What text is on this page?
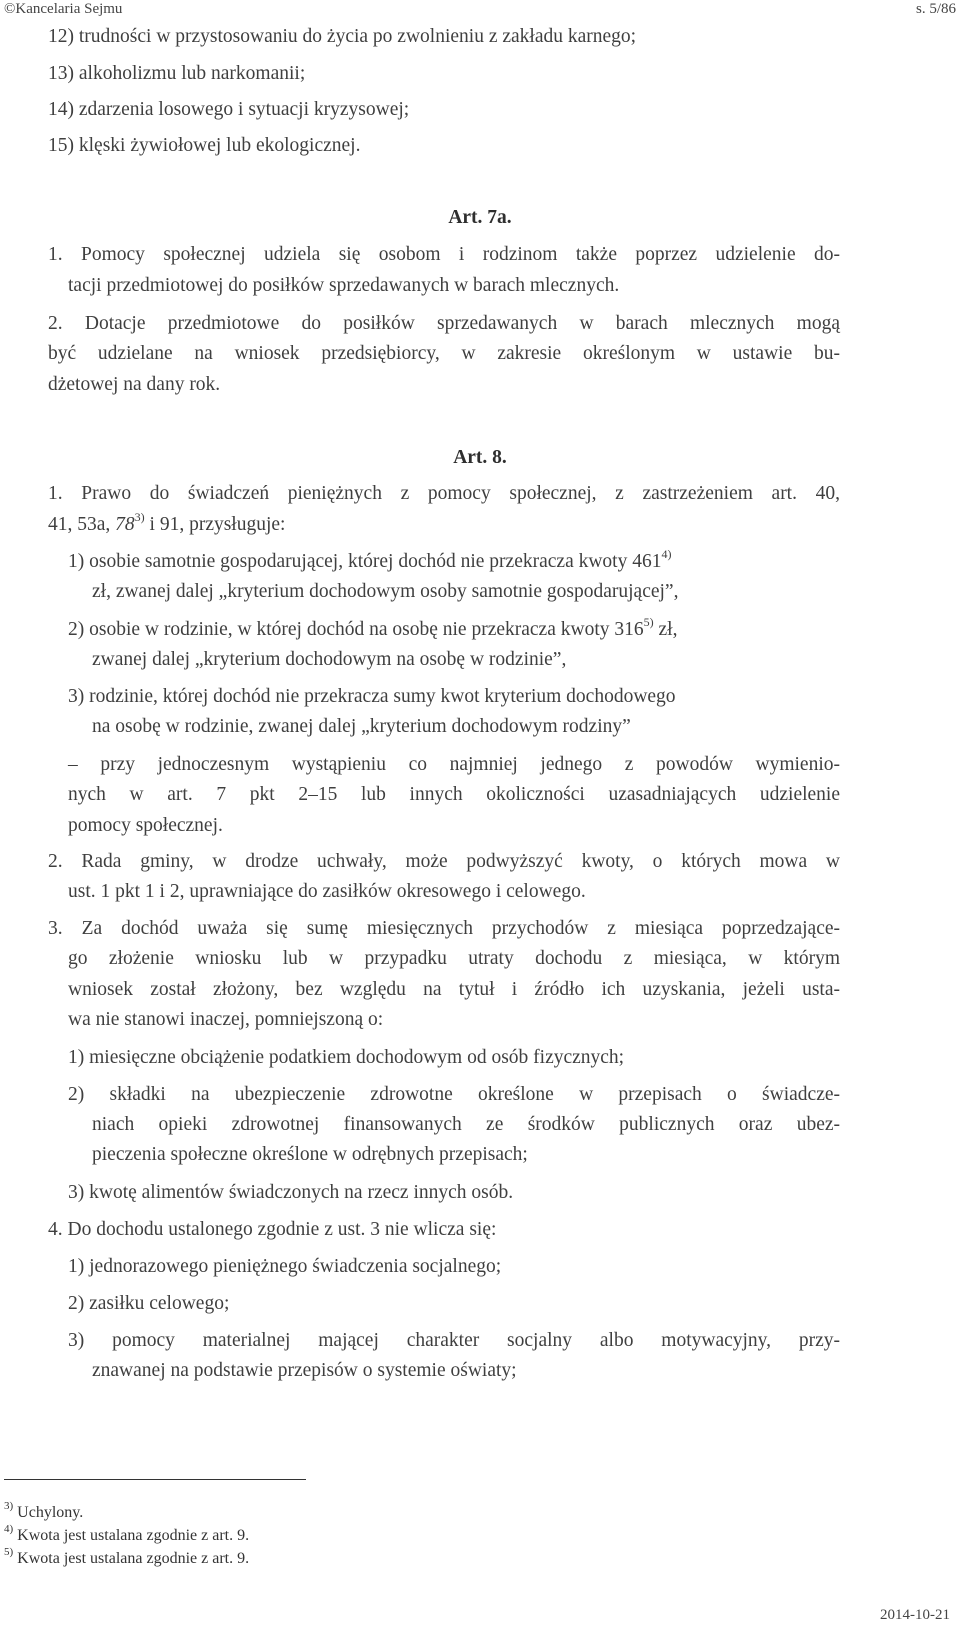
©Kancelaria Sejmu	s. 5/86
12) trudności w przystosowaniu do życia po zwolnieniu z zakładu karnego;
13) alkoholizmu lub narkomanii;
14) zdarzenia losowego i sytuacji kryzysowej;
15) klęski żywiołowej lub ekologicznej.
Art. 7a.
1. Pomocy społecznej udziela się osobom i rodzinom także poprzez udzielenie do-
tacji przedmiotowej do posiłków sprzedawanych w barach mlecznych.
2. Dotacje przedmiotowe do posiłków sprzedawanych w barach mlecznych mogą
być udzielane na wniosek przedsiębiorcy, w zakresie określonym w ustawie bu-
dżetowej na dany rok.
Art. 8.
1. Prawo do świadczeń pieniężnych z pomocy społecznej, z zastrzeżeniem art. 40,
41, 53a, 78$^{3)}$ i 91, przysługuje:
1) osobie samotnie gospodarującej, której dochód nie przekracza kwoty 461$^{4)}$
zł, zwanej dalej „kryterium dochodowym osoby samotnie gospodarującej”,
2) osobie w rodzinie, w której dochód na osobę nie przekracza kwoty 316$^{5)}$ zł,
zwanej dalej „kryterium dochodowym na osobę w rodzinie”,
3) rodzinie, której dochód nie przekracza sumy kwot kryterium dochodowego
na osobę w rodzinie, zwanej dalej „kryterium dochodowym rodziny”
– przy jednoczesnym wystąpieniu co najmniej jednego z powodów wymienio-
nych w art. 7 pkt 2–15 lub innych okoliczności uzasadniających udzielenie
pomocy społecznej.
2. Rada gminy, w drodze uchwały, może podwyższyć kwoty, o których mowa w
ust. 1 pkt 1 i 2, uprawniające do zasiłków okresowego i celowego.
3. Za dochód uważa się sumę miesięcznych przychodów z miesiąca poprzedzające-
go złożenie wniosku lub w przypadku utraty dochodu z miesiąca, w którym
wniosek został złożony, bez względu na tytuł i źródło ich uzyskania, jeżeli usta-
wa nie stanowi inaczej, pomniejszoną o:
1) miesięczne obciążenie podatkiem dochodowym od osób fizycznych;
2) składki na ubezpieczenie zdrowotne określone w przepisach o świadcze-
niach opieki zdrowotnej finansowanych ze środków publicznych oraz ubez-
pieczenia społeczne określone w odrębnych przepisach;
3) kwotę alimentów świadczonych na rzecz innych osób.
4. Do dochodu ustalonego zgodnie z ust. 3 nie wlicza się:
1) jednorazowego pieniężnego świadczenia socjalnego;
2) zasiłku celowego;
3) pomocy materialnej mającej charakter socjalny albo motywacyjny, przy-
znawanej na podstawie przepisów o systemie oświaty;
$^{3)}$ Uchylony.
$^{4)}$ Kwota jest ustalana zgodnie z art. 9.
$^{5)}$ Kwota jest ustalana zgodnie z art. 9.
2014-10-21
